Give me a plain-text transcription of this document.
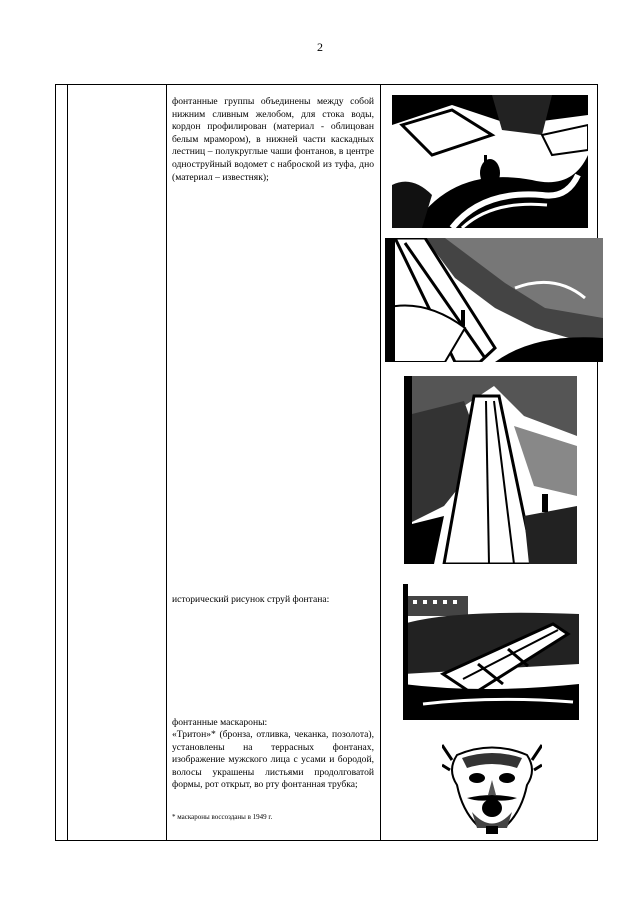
2
фонтанные группы объединены между собой нижним сливным желобом, для стока воды, кордон профилирован (материал - облицован белым мрамором), в нижней части каскадных лестниц – полукруглые чаши фонтанов, в центре одноструйный водомет с наброской из туфа, дно (материал – известняк);
исторический рисунок струй фонтана:
фонтанные маскароны:
«Тритон»* (бронза, отливка, чеканка, позолота), установлены на террасных фонтанах, изображение мужского лица с усами и бородой, волосы украшены листьями продолговатой формы, рот открыт, во рту фонтанная трубка;
* маскароны воссозданы в 1949 г.
